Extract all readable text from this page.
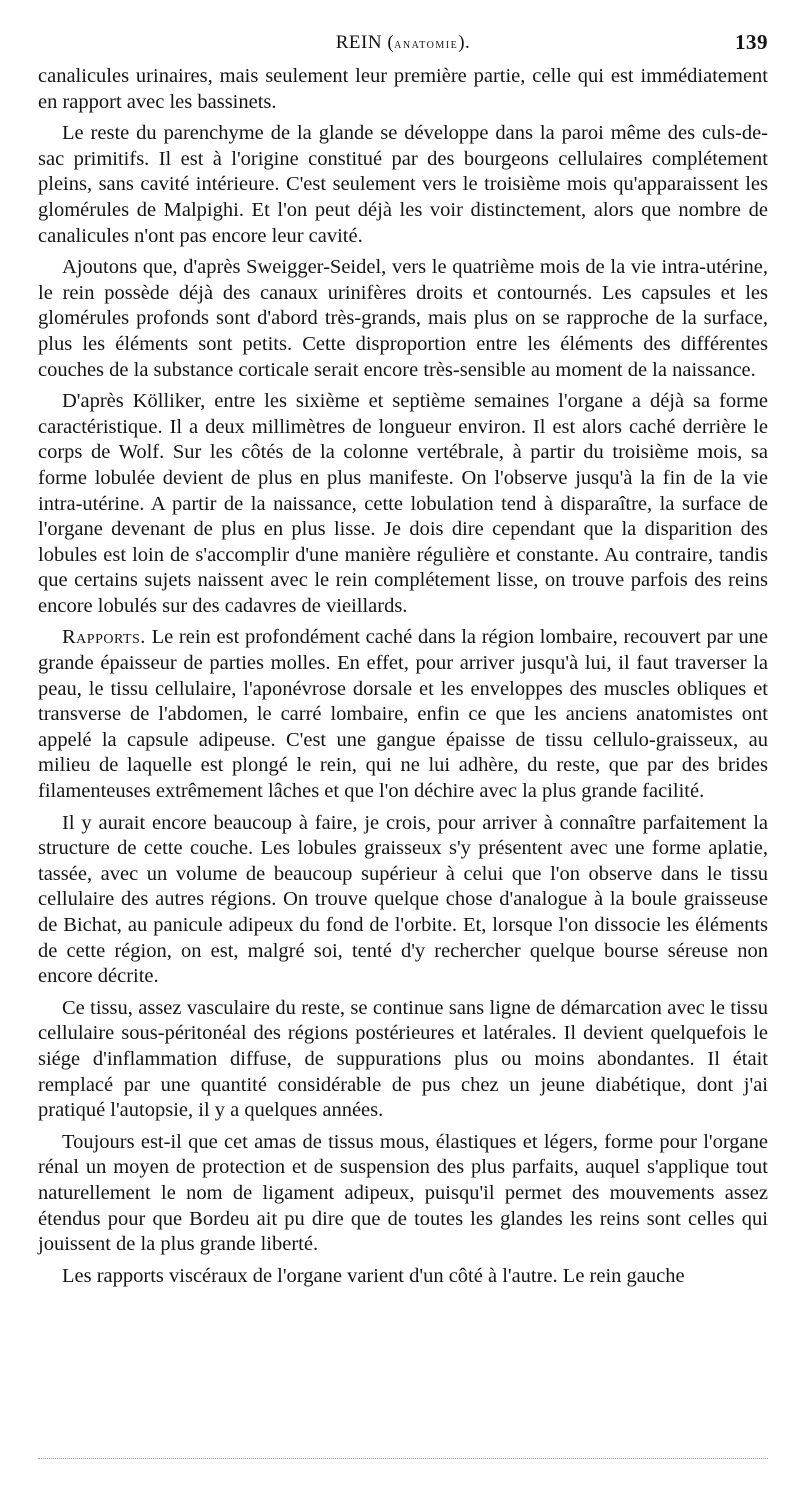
REIN (anatomie).	139

canalicules urinaires, mais seulement leur première partie, celle qui est immédiatement en rapport avec les bassinets.

Le reste du parenchyme de la glande se développe dans la paroi même des culs-de-sac primitifs. Il est à l'origine constitué par des bourgeons cellulaires complétement pleins, sans cavité intérieure. C'est seulement vers le troisième mois qu'apparaissent les glomérules de Malpighi. Et l'on peut déjà les voir distinctement, alors que nombre de canalicules n'ont pas encore leur cavité.

Ajoutons que, d'après Sweigger-Seidel, vers le quatrième mois de la vie intra-utérine, le rein possède déjà des canaux urinifères droits et contournés. Les capsules et les glomérules profonds sont d'abord très-grands, mais plus on se rapproche de la surface, plus les éléments sont petits. Cette disproportion entre les éléments des différentes couches de la substance corticale serait encore très-sensible au moment de la naissance.

D'après Kölliker, entre les sixième et septième semaines l'organe a déjà sa forme caractéristique. Il a deux millimètres de longueur environ. Il est alors caché derrière le corps de Wolf. Sur les côtés de la colonne vertébrale, à partir du troisième mois, sa forme lobulée devient de plus en plus manifeste. On l'observe jusqu'à la fin de la vie intra-utérine. A partir de la naissance, cette lobulation tend à disparaître, la surface de l'organe devenant de plus en plus lisse. Je dois dire cependant que la disparition des lobules est loin de s'accomplir d'une manière régulière et constante. Au contraire, tandis que certains sujets naissent avec le rein complétement lisse, on trouve parfois des reins encore lobulés sur des cadavres de vieillards.

Rapports. Le rein est profondément caché dans la région lombaire, recouvert par une grande épaisseur de parties molles. En effet, pour arriver jusqu'à lui, il faut traverser la peau, le tissu cellulaire, l'aponévrose dorsale et les enveloppes des muscles obliques et transverse de l'abdomen, le carré lombaire, enfin ce que les anciens anatomistes ont appelé la capsule adipeuse. C'est une gangue épaisse de tissu cellulo-graisseux, au milieu de laquelle est plongé le rein, qui ne lui adhère, du reste, que par des brides filamenteuses extrêmement lâches et que l'on déchire avec la plus grande facilité.

Il y aurait encore beaucoup à faire, je crois, pour arriver à connaître parfaitement la structure de cette couche. Les lobules graisseux s'y présentent avec une forme aplatie, tassée, avec un volume de beaucoup supérieur à celui que l'on observe dans le tissu cellulaire des autres régions. On trouve quelque chose d'analogue à la boule graisseuse de Bichat, au panicule adipeux du fond de l'orbite. Et, lorsque l'on dissocie les éléments de cette région, on est, malgré soi, tenté d'y rechercher quelque bourse séreuse non encore décrite.

Ce tissu, assez vasculaire du reste, se continue sans ligne de démarcation avec le tissu cellulaire sous-péritonéal des régions postérieures et latérales. Il devient quelquefois le siége d'inflammation diffuse, de suppurations plus ou moins abondantes. Il était remplacé par une quantité considérable de pus chez un jeune diabétique, dont j'ai pratiqué l'autopsie, il y a quelques années.

Toujours est-il que cet amas de tissus mous, élastiques et légers, forme pour l'organe rénal un moyen de protection et de suspension des plus parfaits, auquel s'applique tout naturellement le nom de ligament adipeux, puisqu'il permet des mouvements assez étendus pour que Bordeu ait pu dire que de toutes les glandes les reins sont celles qui jouissent de la plus grande liberté.

Les rapports viscéraux de l'organe varient d'un côté à l'autre. Le rein gauche
